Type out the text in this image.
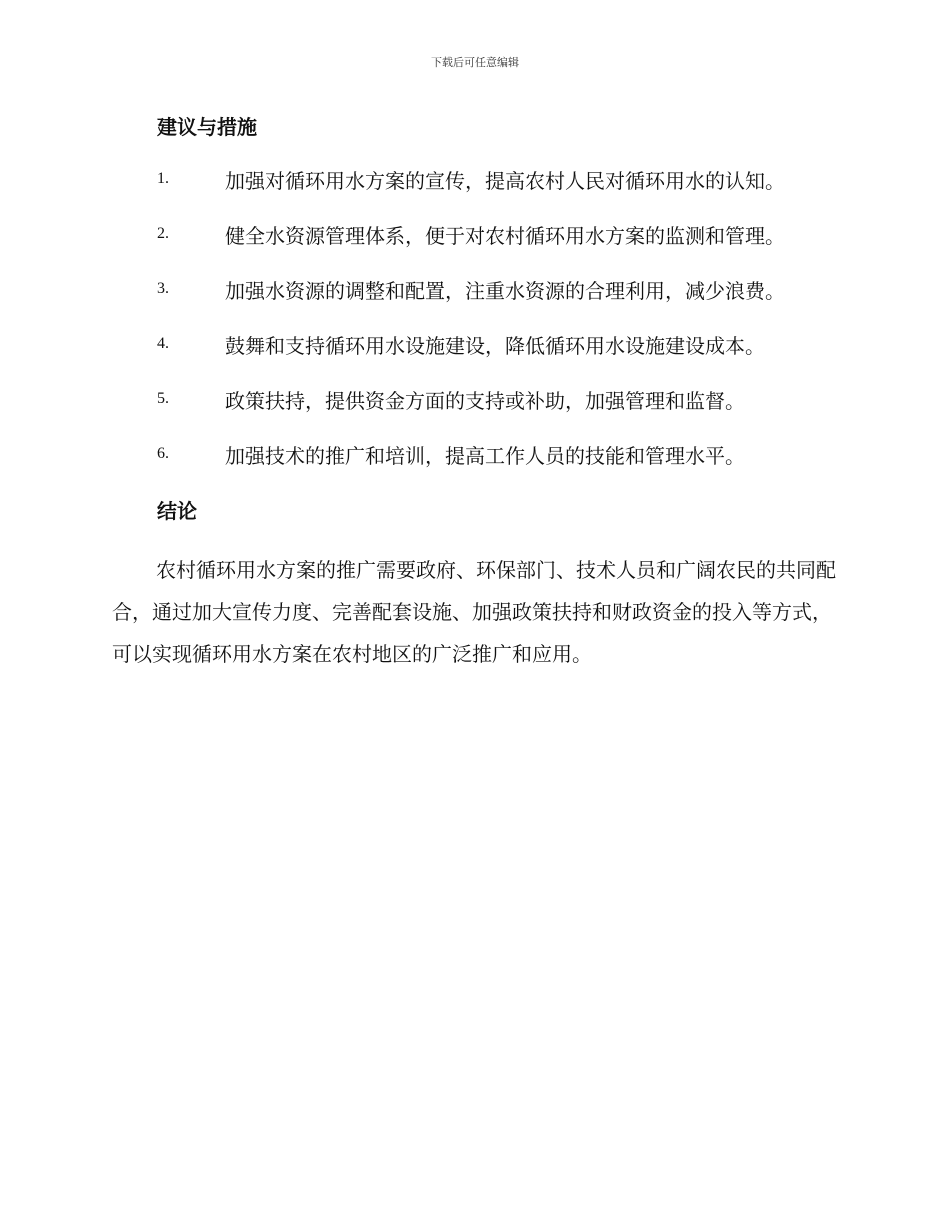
下载后可任意编辑
建议与措施
1.	加强对循环用水方案的宣传，提高农村人民对循环用水的认知。
2.	健全水资源管理体系，便于对农村循环用水方案的监测和管理。
3.	加强水资源的调整和配置，注重水资源的合理利用，减少浪费。
4.	鼓舞和支持循环用水设施建设，降低循环用水设施建设成本。
5.	政策扶持，提供资金方面的支持或补助，加强管理和监督。
6.	加强技术的推广和培训，提高工作人员的技能和管理水平。
结论
农村循环用水方案的推广需要政府、环保部门、技术人员和广阔农民的共同配合，通过加大宣传力度、完善配套设施、加强政策扶持和财政资金的投入等方式，可以实现循环用水方案在农村地区的广泛推广和应用。
